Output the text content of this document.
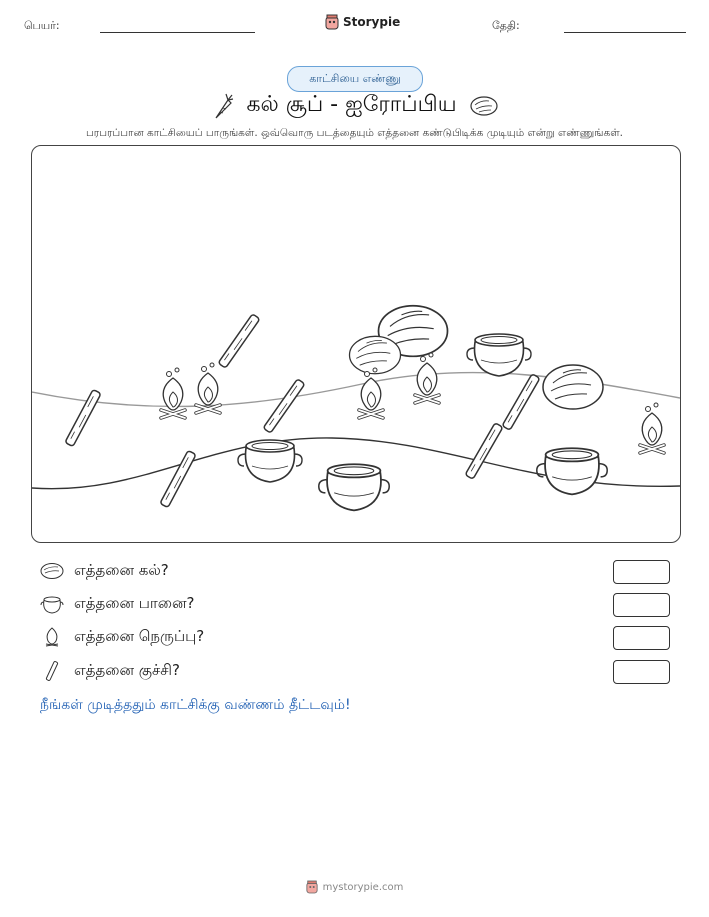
பெயர்:	Storypie	தேதி:
காட்சியை எண்ணு
கல் சூப் - ஐரோப்பிய
பரபரப்பான காட்சியைப் பாருங்கள். ஒவ்வொரு படத்தையும் எத்தனை கண்டுபிடிக்க முடியும் என்று எண்ணுங்கள்.
எத்தனை கல்?
எத்தனை பானை?
எத்தனை நெருப்பு?
எத்தனை குச்சி?
நீங்கள் முடித்ததும் காட்சிக்கு வண்ணம் தீட்டவும்!
mystorypie.com
